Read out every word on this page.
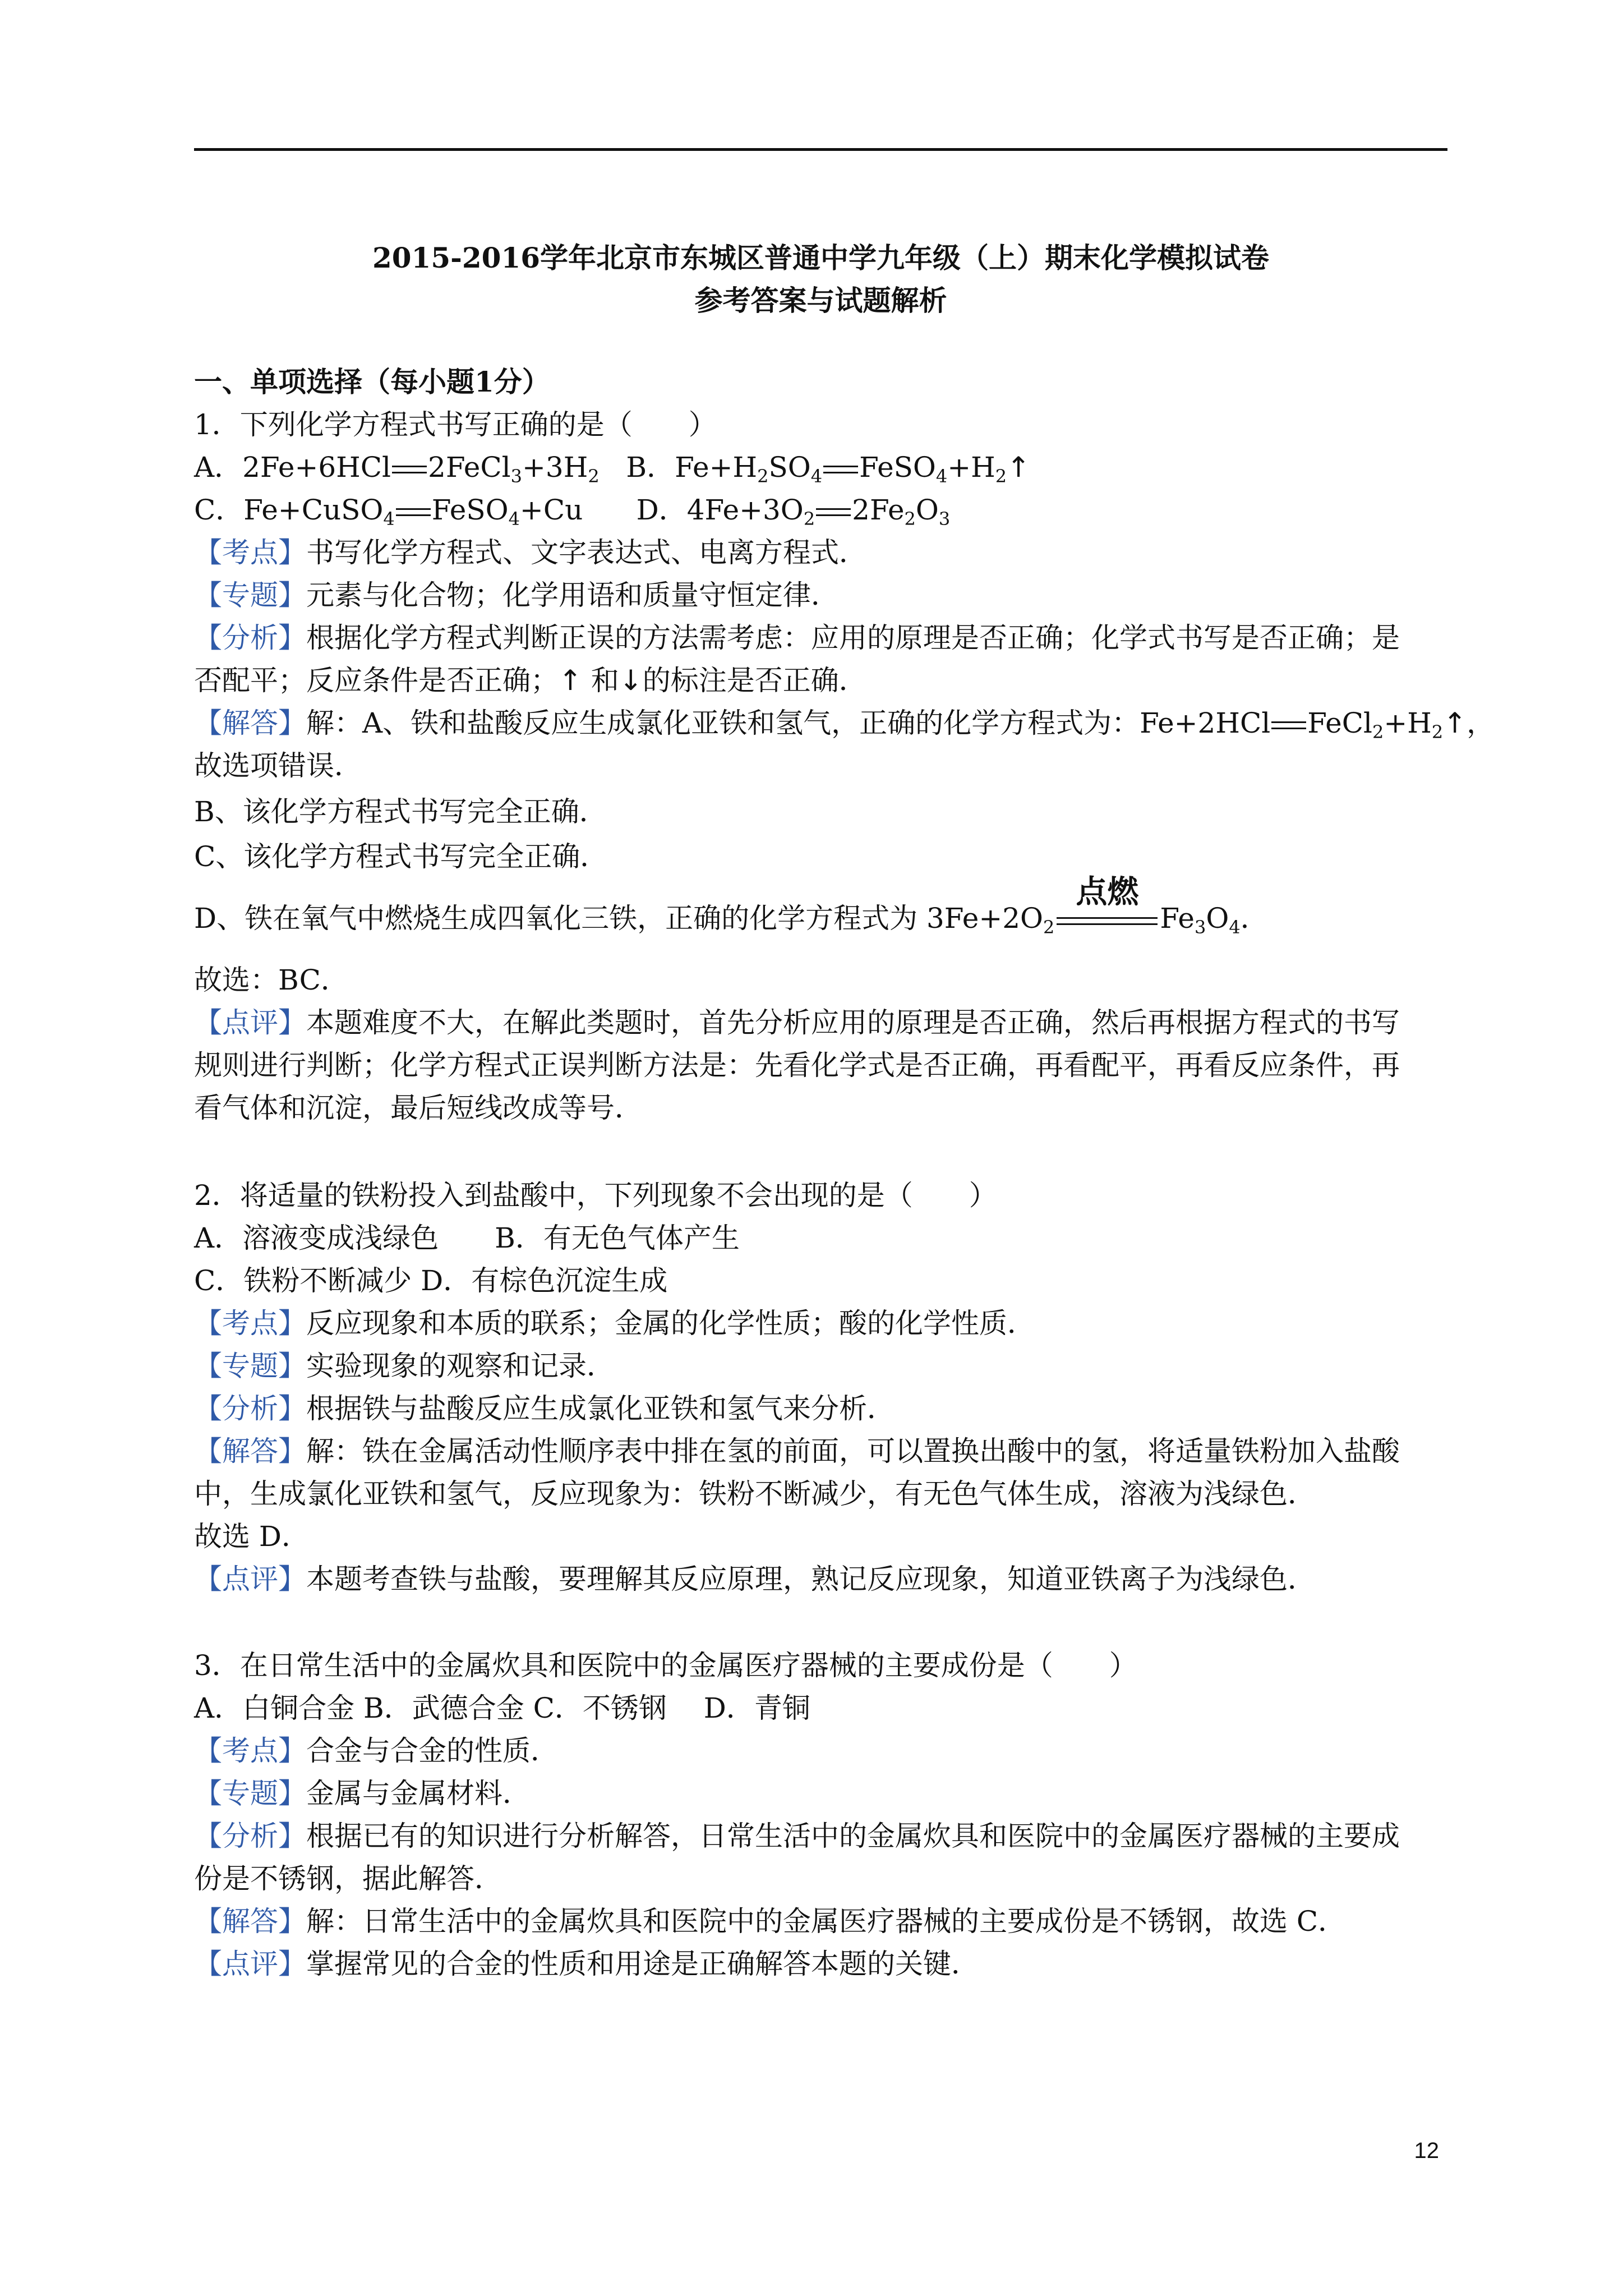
2015-2016学年北京市东城区普通中学九年级（上）期末化学模拟试卷
参考答案与试题解析
一、单项选择（每小题1分）
1．下列化学方程式书写正确的是（　　）
A．2Fe+6HCl $2FeCl_3+3H_2$ B．$Fe+H_2SO_4$ $FeSO_4+H_2↑$
C．Fe+CuSO$_4$ FeSO$_4$+Cu D．$4Fe+3O_2$ $2Fe_2O_3$
【考点】书写化学方程式、文字表达式、电离方程式．
【专题】元素与化合物；化学用语和质量守恒定律．
【分析】根据化学方程式判断正误的方法需考虑：应用的原理是否正确；化学式书写是否正确；是
否配平；反应条件是否正确；↑ 和↓的标注是否正确．
【解答】解：A、铁和盐酸反应生成氯化亚铁和氢气，正确的化学方程式为：Fe+2HCl $FeCl_2+H_2↑$，
故选项错误．
B、该化学方程式书写完全正确．
C、该化学方程式书写完全正确．
D、铁在氧气中燃烧生成四氧化三铁，正确的化学方程式为 $3Fe+2O_2$
点燃
$Fe_3O_4$．
故选：BC．
【点评】本题难度不大，在解此类题时，首先分析应用的原理是否正确，然后再根据方程式的书写
规则进行判断；化学方程式正误判断方法是：先看化学式是否正确，再看配平，再看反应条件，再
看气体和沉淀，最后短线改成等号．
2．将适量的铁粉投入到盐酸中，下列现象不会出现的是（　　）
A．溶液变成浅绿色　　B．有无色气体产生
C．铁粉不断减少 D．有棕色沉淀生成
【考点】反应现象和本质的联系；金属的化学性质；酸的化学性质．
【专题】实验现象的观察和记录．
【分析】根据铁与盐酸反应生成氯化亚铁和氢气来分析．
【解答】解：铁在金属活动性顺序表中排在氢的前面，可以置换出酸中的氢，将适量铁粉加入盐酸
中，生成氯化亚铁和氢气，反应现象为：铁粉不断减少，有无色气体生成，溶液为浅绿色．
故选 D．
【点评】本题考查铁与盐酸，要理解其反应原理，熟记反应现象，知道亚铁离子为浅绿色．
3．在日常生活中的金属炊具和医院中的金属医疗器械的主要成份是（　　）
A．白铜合金 B．武德合金 C．不锈钢　 D．青铜
【考点】合金与合金的性质．
【专题】金属与金属材料．
【分析】根据已有的知识进行分析解答，日常生活中的金属炊具和医院中的金属医疗器械的主要成
份是不锈钢，据此解答．
【解答】解：日常生活中的金属炊具和医院中的金属医疗器械的主要成份是不锈钢，故选 C．
【点评】掌握常见的合金的性质和用途是正确解答本题的关键．
12
